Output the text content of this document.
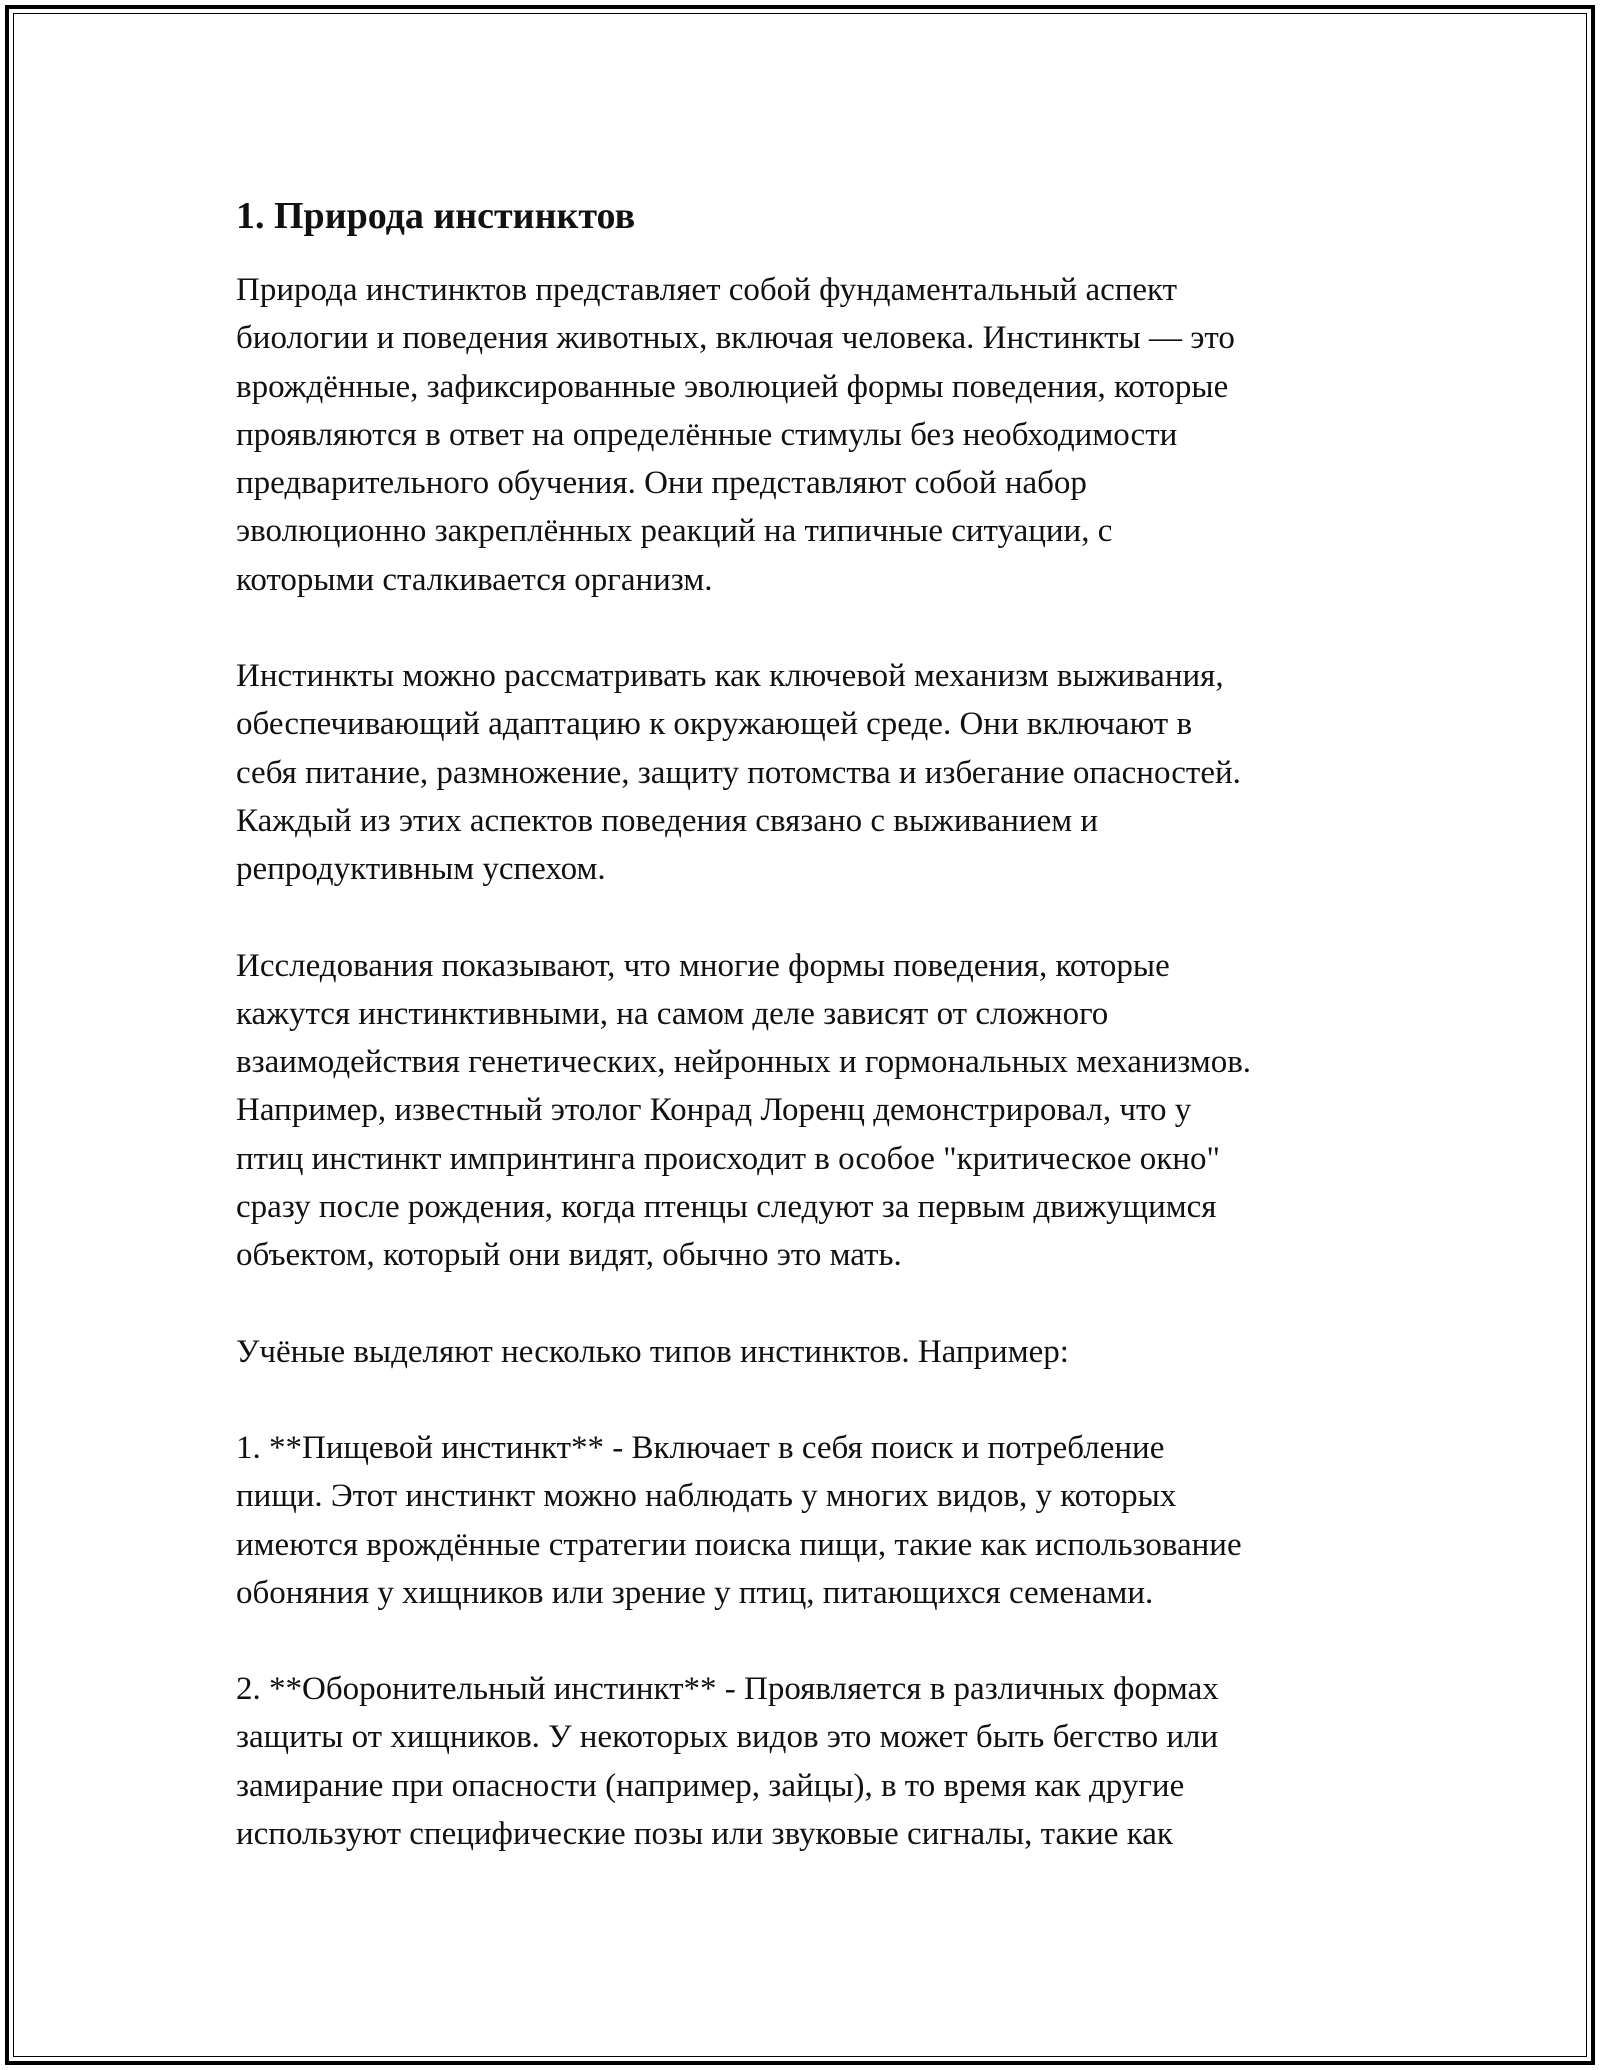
1. Природа инстинктов

Природа инстинктов представляет собой фундаментальный аспект
биологии и поведения животных, включая человека. Инстинкты — это
врождённые, зафиксированные эволюцией формы поведения, которые
проявляются в ответ на определённые стимулы без необходимости
предварительного обучения. Они представляют собой набор
эволюционно закреплённых реакций на типичные ситуации, с
которыми сталкивается организм.

Инстинкты можно рассматривать как ключевой механизм выживания,
обеспечивающий адаптацию к окружающей среде. Они включают в
себя питание, размножение, защиту потомства и избегание опасностей.
Каждый из этих аспектов поведения связано с выживанием и
репродуктивным успехом.

Исследования показывают, что многие формы поведения, которые
кажутся инстинктивными, на самом деле зависят от сложного
взаимодействия генетических, нейронных и гормональных механизмов.
Например, известный этолог Конрад Лоренц демонстрировал, что у
птиц инстинкт импринтинга происходит в особое "критическое окно"
сразу после рождения, когда птенцы следуют за первым движущимся
объектом, который они видят, обычно это мать.

Учёные выделяют несколько типов инстинктов. Например:

1. **Пищевой инстинкт** - Включает в себя поиск и потребление
пищи. Этот инстинкт можно наблюдать у многих видов, у которых
имеются врождённые стратегии поиска пищи, такие как использование
обоняния у хищников или зрение у птиц, питающихся семенами.

2. **Оборонительный инстинкт** - Проявляется в различных формах
защиты от хищников. У некоторых видов это может быть бегство или
замирание при опасности (например, зайцы), в то время как другие
используют специфические позы или звуковые сигналы, такие как
